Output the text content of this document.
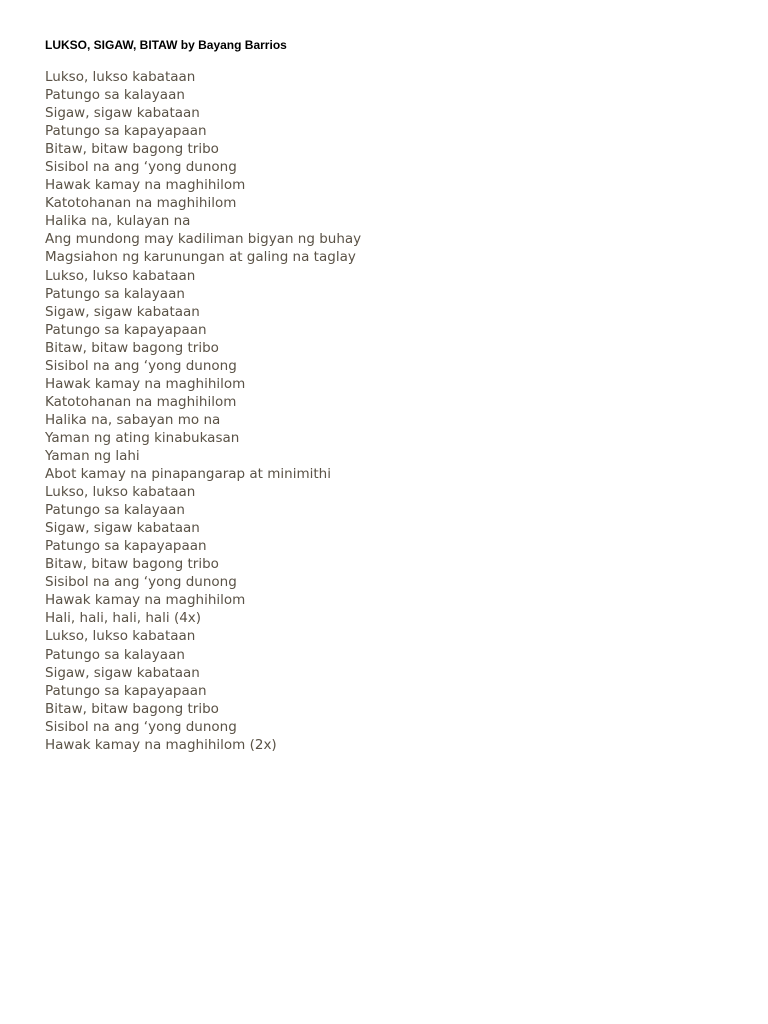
LUKSO, SIGAW, BITAW by Bayang Barrios
Lukso, lukso kabataan
Patungo sa kalayaan
Sigaw, sigaw kabataan
Patungo sa kapayapaan
Bitaw, bitaw bagong tribo
Sisibol na ang ‘yong dunong
Hawak kamay na maghihilom
Katotohanan na maghihilom
Halika na, kulayan na
Ang mundong may kadiliman bigyan ng buhay
Magsiahon ng karunungan at galing na taglay
Lukso, lukso kabataan
Patungo sa kalayaan
Sigaw, sigaw kabataan
Patungo sa kapayapaan
Bitaw, bitaw bagong tribo
Sisibol na ang ‘yong dunong
Hawak kamay na maghihilom
Katotohanan na maghihilom
Halika na, sabayan mo na
Yaman ng ating kinabukasan
Yaman ng lahi
Abot kamay na pinapangarap at minimithi
Lukso, lukso kabataan
Patungo sa kalayaan
Sigaw, sigaw kabataan
Patungo sa kapayapaan
Bitaw, bitaw bagong tribo
Sisibol na ang ‘yong dunong
Hawak kamay na maghihilom
Hali, hali, hali, hali (4x)
Lukso, lukso kabataan
Patungo sa kalayaan
Sigaw, sigaw kabataan
Patungo sa kapayapaan
Bitaw, bitaw bagong tribo
Sisibol na ang ‘yong dunong
Hawak kamay na maghihilom (2x)
